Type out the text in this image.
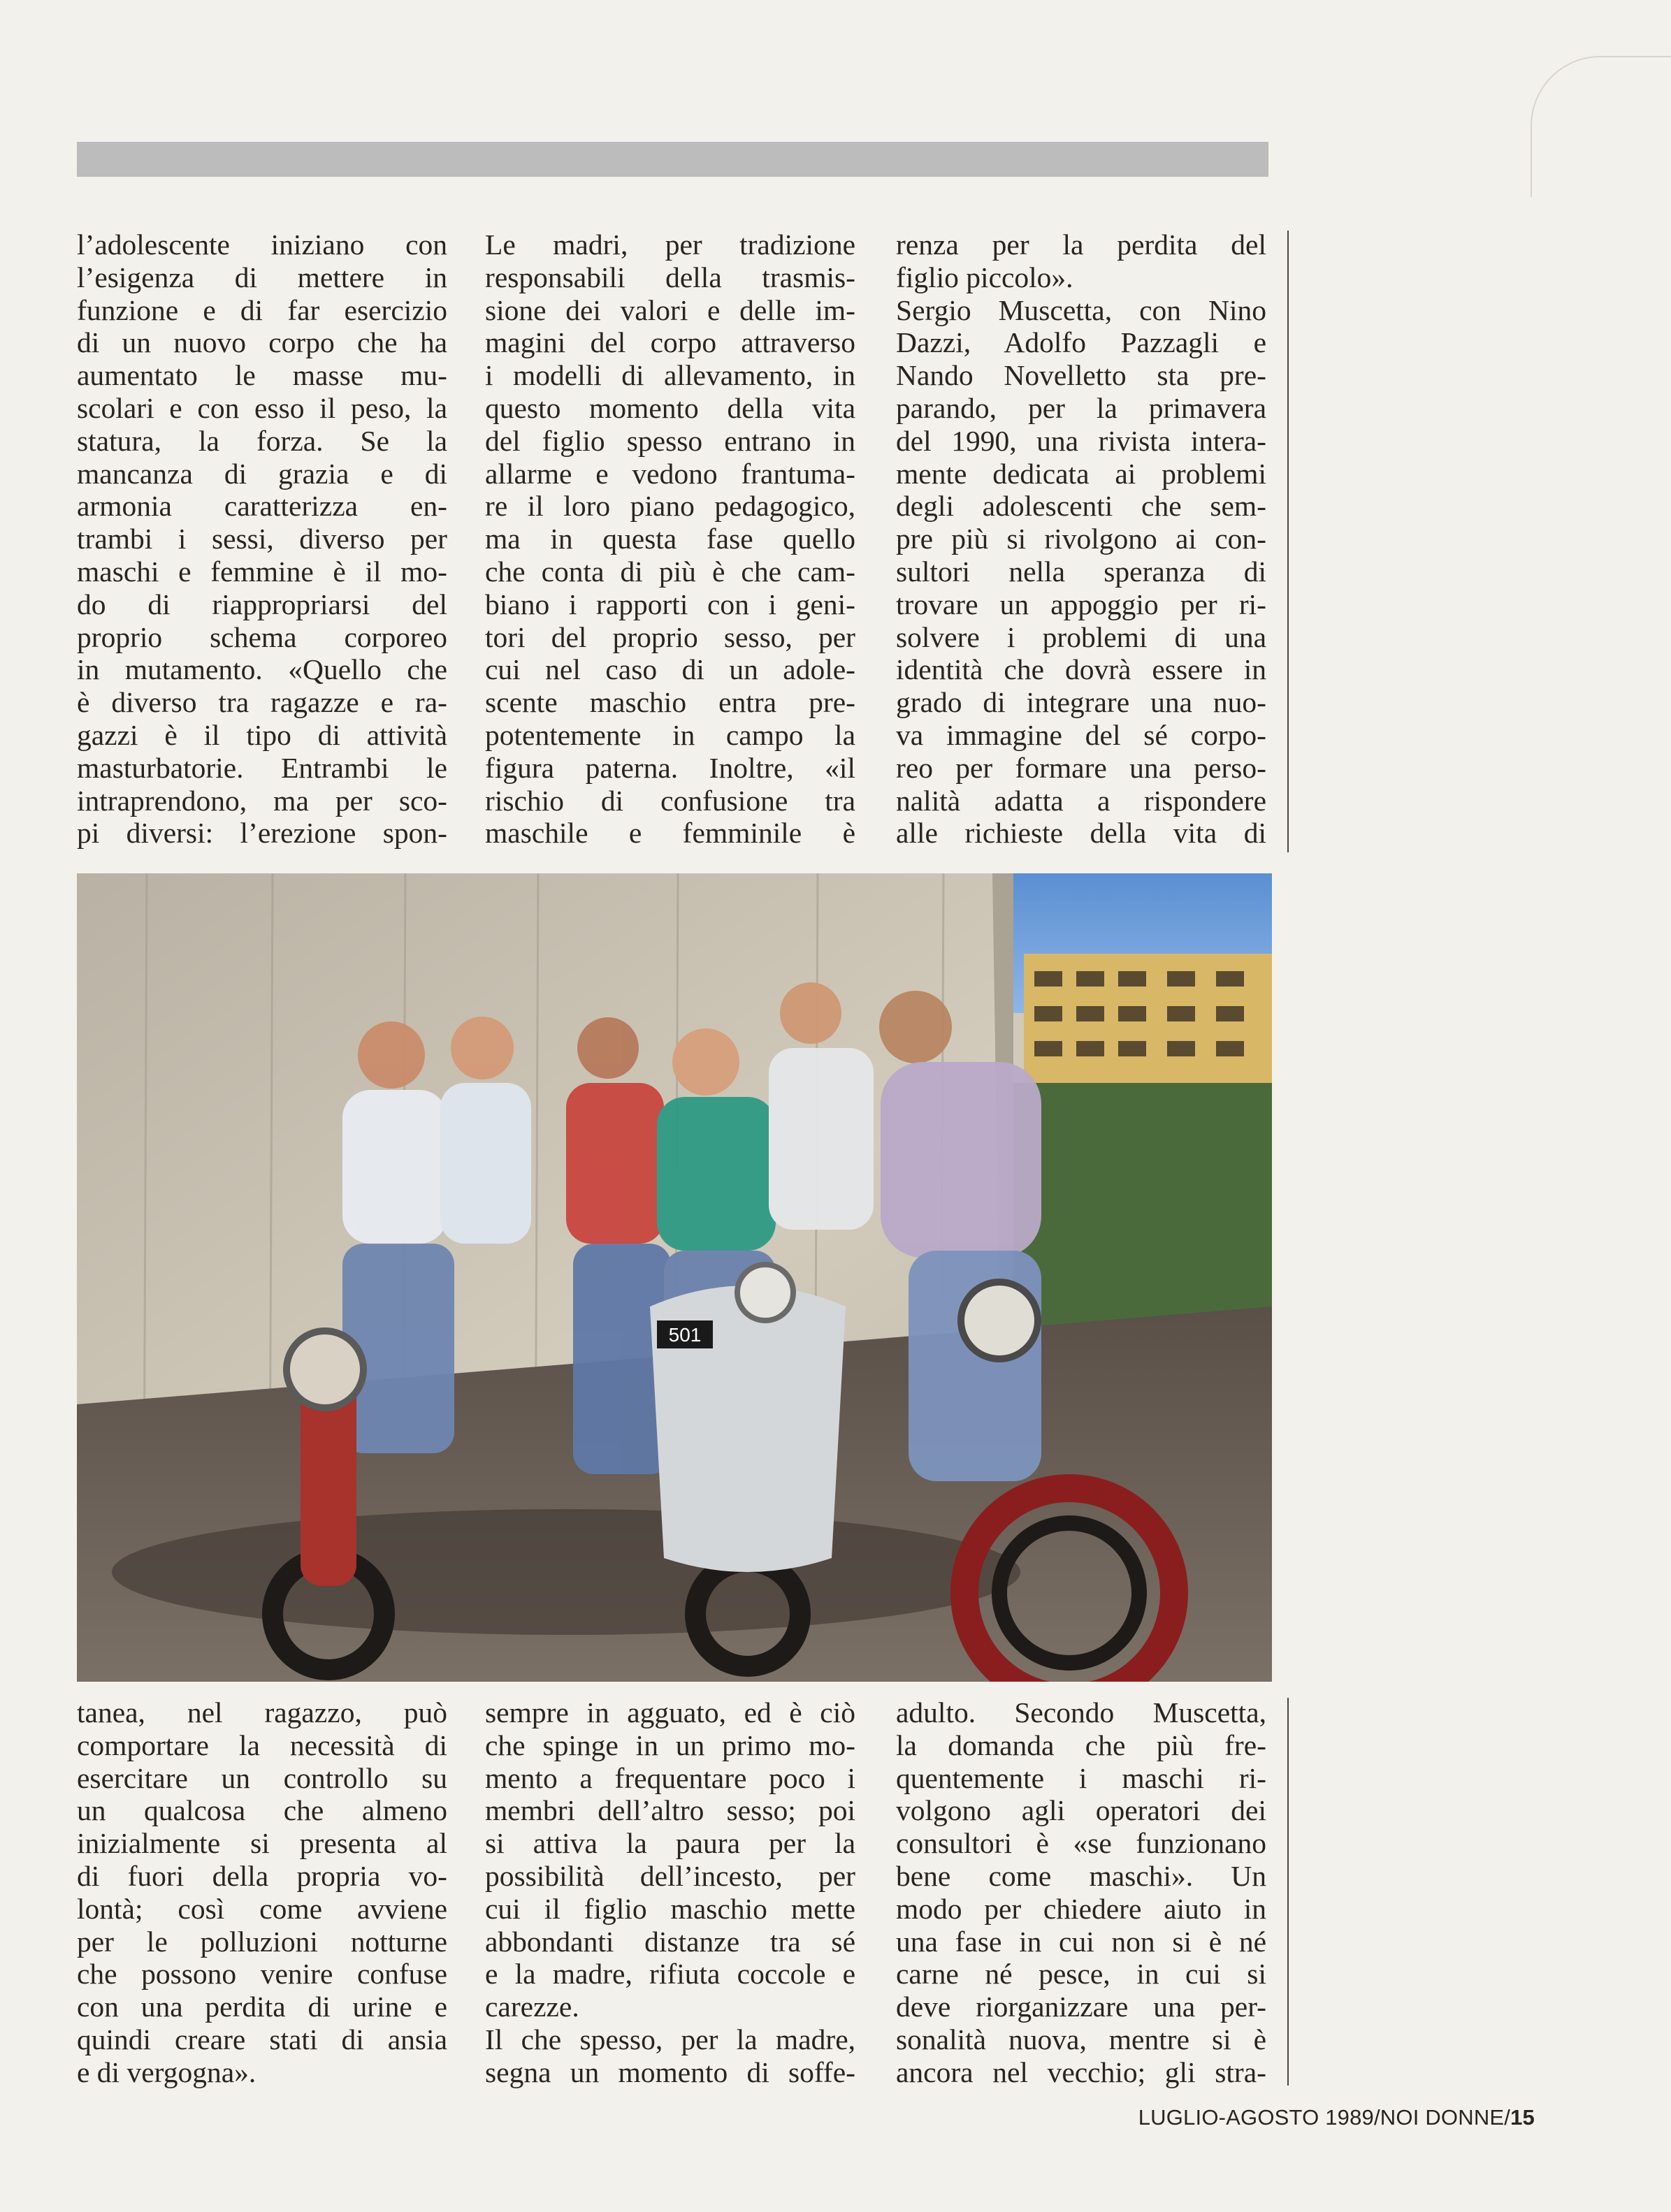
l’adolescente iniziano con

l’esigenza di mettere in

funzione e di far esercizio

di un nuovo corpo che ha

aumentato le masse mu-

scolari e con esso il peso, la

statura, la forza. Se la

mancanza di grazia e di

armonia caratterizza en-

trambi i sessi, diverso per

maschi e femmine è il mo-

do di riappropriarsi del

proprio schema corporeo

in mutamento. «Quello che

è diverso tra ragazze e ra-

gazzi è il tipo di attività

masturbatorie. Entrambi le

intraprendono, ma per sco-

pi diversi: l’erezione spon-

Le madri, per tradizione

responsabili della trasmis-

sione dei valori e delle im-

magini del corpo attraverso

i modelli di allevamento, in

questo momento della vita

del figlio spesso entrano in

allarme e vedono frantuma-

re il loro piano pedagogico,

ma in questa fase quello

che conta di più è che cam-

biano i rapporti con i geni-

tori del proprio sesso, per

cui nel caso di un adole-

scente maschio entra pre-

potentemente in campo la

figura paterna. Inoltre, «il

rischio di confusione tra

maschile e femminile è

renza per la perdita del

figlio piccolo».

Sergio Muscetta, con Nino

Dazzi, Adolfo Pazzagli e

Nando Novelletto sta pre-

parando, per la primavera

del 1990, una rivista intera-

mente dedicata ai problemi

degli adolescenti che sem-

pre più si rivolgono ai con-

sultori nella speranza di

trovare un appoggio per ri-

solvere i problemi di una

identità che dovrà essere in

grado di integrare una nuo-

va immagine del sé corpo-

reo per formare una perso-

nalità adatta a rispondere

alle richieste della vita di

501

tanea, nel ragazzo, può

comportare la necessità di

esercitare un controllo su

un qualcosa che almeno

inizialmente si presenta al

di fuori della propria vo-

lontà; così come avviene

per le polluzioni notturne

che possono venire confuse

con una perdita di urine e

quindi creare stati di ansia

e di vergogna».

sempre in agguato, ed è ciò

che spinge in un primo mo-

mento a frequentare poco i

membri dell’altro sesso; poi

si attiva la paura per la

possibilità dell’incesto, per

cui il figlio maschio mette

abbondanti distanze tra sé

e la madre, rifiuta coccole e

carezze.

Il che spesso, per la madre,

segna un momento di soffe-

adulto. Secondo Muscetta,

la domanda che più fre-

quentemente i maschi ri-

volgono agli operatori dei

consultori è «se funzionano

bene come maschi». Un

modo per chiedere aiuto in

una fase in cui non si è né

carne né pesce, in cui si

deve riorganizzare una per-

sonalità nuova, mentre si è

ancora nel vecchio; gli stra-

LUGLIO-AGOSTO 1989/NOI DONNE/15
